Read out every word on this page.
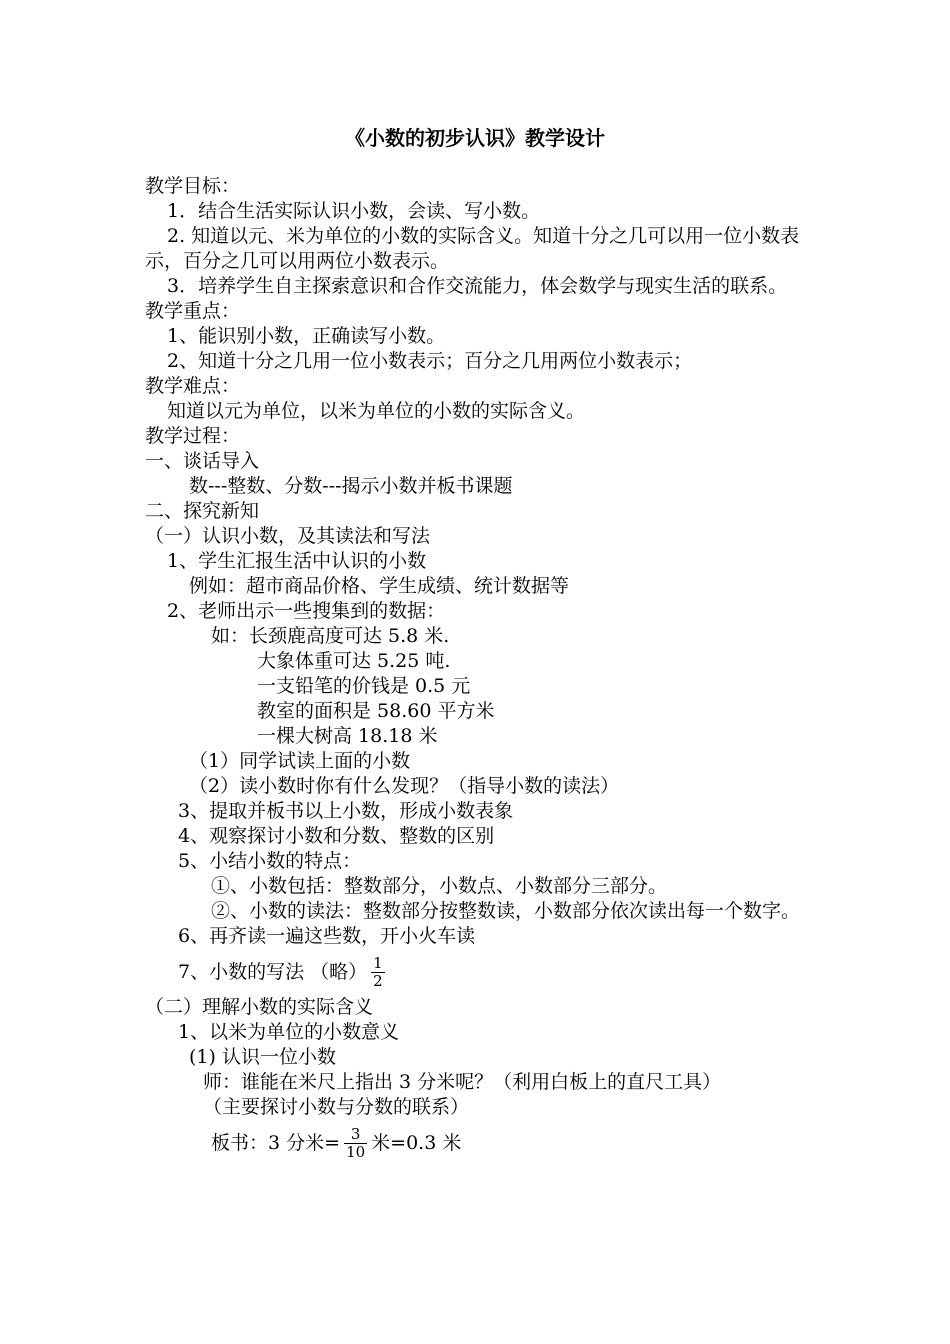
《小数的初步认识》教学设计
教学目标：
1．结合生活实际认识小数，会读、写小数。
2. 知道以元、米为单位的小数的实际含义。知道十分之几可以用一位小数表示，百分之几可以用两位小数表示。
3．培养学生自主探索意识和合作交流能力，体会数学与现实生活的联系。
教学重点：
1、能识别小数，正确读写小数。
2、知道十分之几用一位小数表示；百分之几用两位小数表示；
教学难点：
知道以元为单位，以米为单位的小数的实际含义。
教学过程：
一、谈话导入
数---整数、分数---揭示小数并板书课题
二、探究新知
（一）认识小数，及其读法和写法
1、学生汇报生活中认识的小数
例如：超市商品价格、学生成绩、统计数据等
2、老师出示一些搜集到的数据：
如：长颈鹿高度可达 5.8 米.
大象体重可达 5.25 吨.
一支铅笔的价钱是 0.5 元
教室的面积是 58.60 平方米
一棵大树高 18.18 米
（1）同学试读上面的小数
（2）读小数时你有什么发现？（指导小数的读法）
3、提取并板书以上小数，形成小数表象
4、观察探讨小数和分数、整数的区别
5、小结小数的特点：
①、小数包括：整数部分，小数点、小数部分三部分。
②、小数的读法：整数部分按整数读，小数部分依次读出每一个数字。
6、再齐读一遍这些数，开小火车读
7、小数的写法 （略） $\frac{1}{2}$
（二）理解小数的实际含义
1、以米为单位的小数意义
(1) 认识一位小数
师：谁能在米尺上指出 3 分米呢？（利用白板上的直尺工具）
（主要探讨小数与分数的联系）
板书：3 分米= $\frac{3}{10}$ 米=0.3 米
